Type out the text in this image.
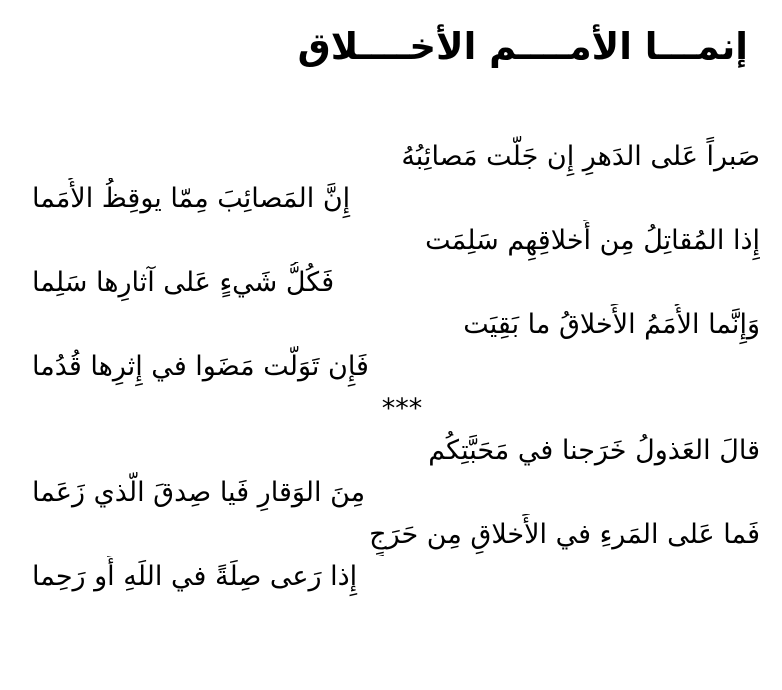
إنمـــا الأمــــم الأخــــلاق
صَبراً عَلى الدَهرِ إِن جَلَّت مَصائِبُهُ
إِنَّ المَصائِبَ مِمّا يوقِظُ الأُمَما
إِذا المُقاتِلُ مِن أَخلاقِهِم سَلِمَت
فَكُلُّ شَيءٍ عَلى آثارِها سَلِما
وَإِنَّما الأُمَمُ الأَخلاقُ ما بَقِيَت
فَإِن تَوَلَّت مَضَوا في إِثرِها قُدُما
***
قالَ العَذولُ خَرَجنا في مَحَبَّتِكُم
مِنَ الوَقارِ فَيا صِدقَ الَّذي زَعَما
فَما عَلى المَرءِ في الأَخلاقِ مِن حَرَجٍ
إِذا رَعى صِلَةً في اللَهِ أَو رَحِما
